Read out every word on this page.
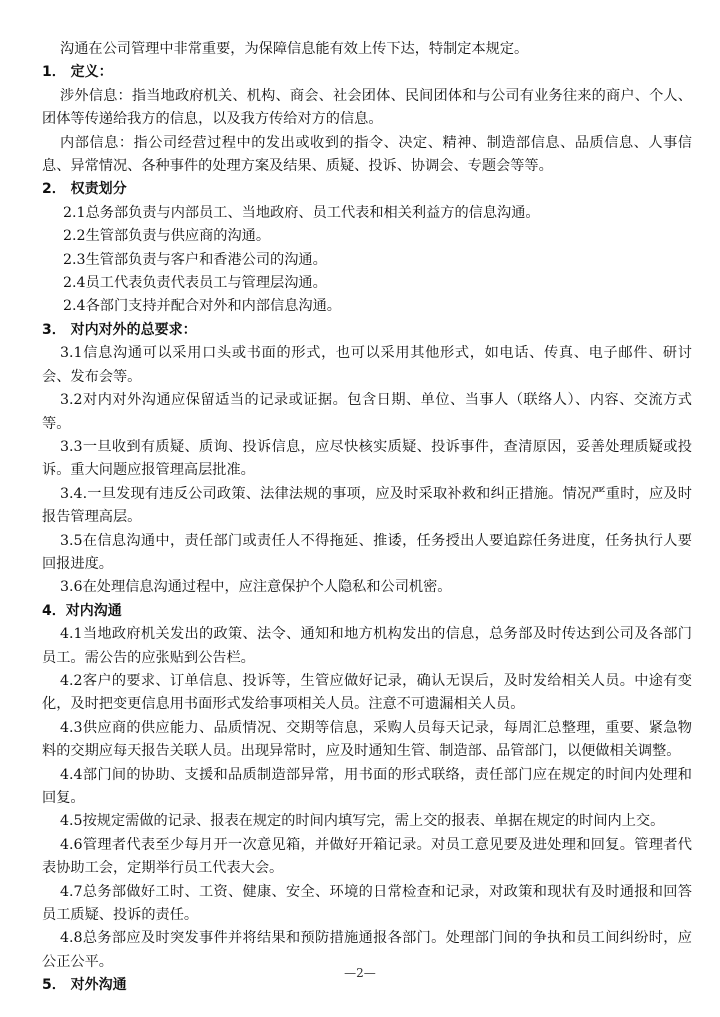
沟通在公司管理中非常重要，为保障信息能有效上传下达，特制定本规定。

1． 定义：

涉外信息：指当地政府机关、机构、商会、社会团体、民间团体和与公司有业务往来的商户、个人、团体等传递给我方的信息，以及我方传给对方的信息。

内部信息：指公司经营过程中的发出或收到的指令、决定、精神、制造部信息、品质信息、人事信息、异常情况、各种事件的处理方案及结果、质疑、投诉、协调会、专题会等等。

2． 权责划分

2.1总务部负责与内部员工、当地政府、员工代表和相关利益方的信息沟通。

2.2生管部负责与供应商的沟通。

2.3生管部负责与客户和香港公司的沟通。

2.4员工代表负责代表员工与管理层沟通。

2.4各部门支持并配合对外和内部信息沟通。

3． 对内对外的总要求：

3.1信息沟通可以采用口头或书面的形式，也可以采用其他形式，如电话、传真、电子邮件、研讨会、发布会等。

3.2对内对外沟通应保留适当的记录或证据。包含日期、单位、当事人（联络人）、内容、交流方式等。

3.3一旦收到有质疑、质询、投诉信息，应尽快核实质疑、投诉事件，查清原因，妥善处理质疑或投诉。重大问题应报管理高层批准。

3.4.一旦发现有违反公司政策、法律法规的事项，应及时采取补救和纠正措施。情况严重时，应及时报告管理高层。

3.5在信息沟通中，责任部门或责任人不得拖延、推诿，任务授出人要追踪任务进度，任务执行人要回报进度。

3.6在处理信息沟通过程中，应注意保护个人隐私和公司机密。

4．对内沟通

4.1当地政府机关发出的政策、法令、通知和地方机构发出的信息，总务部及时传达到公司及各部门员工。需公告的应张贴到公告栏。

4.2客户的要求、订单信息、投诉等，生管应做好记录，确认无误后，及时发给相关人员。中途有变化，及时把变更信息用书面形式发给事项相关人员。注意不可遗漏相关人员。

4.3供应商的供应能力、品质情况、交期等信息，采购人员每天记录，每周汇总整理，重要、紧急物料的交期应每天报告关联人员。出现异常时，应及时通知生管、制造部、品管部门，以便做相关调整。

4.4部门间的协助、支援和品质制造部异常，用书面的形式联络，责任部门应在规定的时间内处理和回复。

4.5按规定需做的记录、报表在规定的时间内填写完，需上交的报表、单据在规定的时间内上交。

4.6管理者代表至少每月开一次意见箱，并做好开箱记录。对员工意见要及进处理和回复。管理者代表协助工会，定期举行员工代表大会。

4.7总务部做好工时、工资、健康、安全、环境的日常检查和记录，对政策和现状有及时通报和回答员工质疑、投诉的责任。

4.8总务部应及时突发事件并将结果和预防措施通报各部门。处理部门间的争执和员工间纠纷时，应公正公平。

5． 对外沟通

—2—
